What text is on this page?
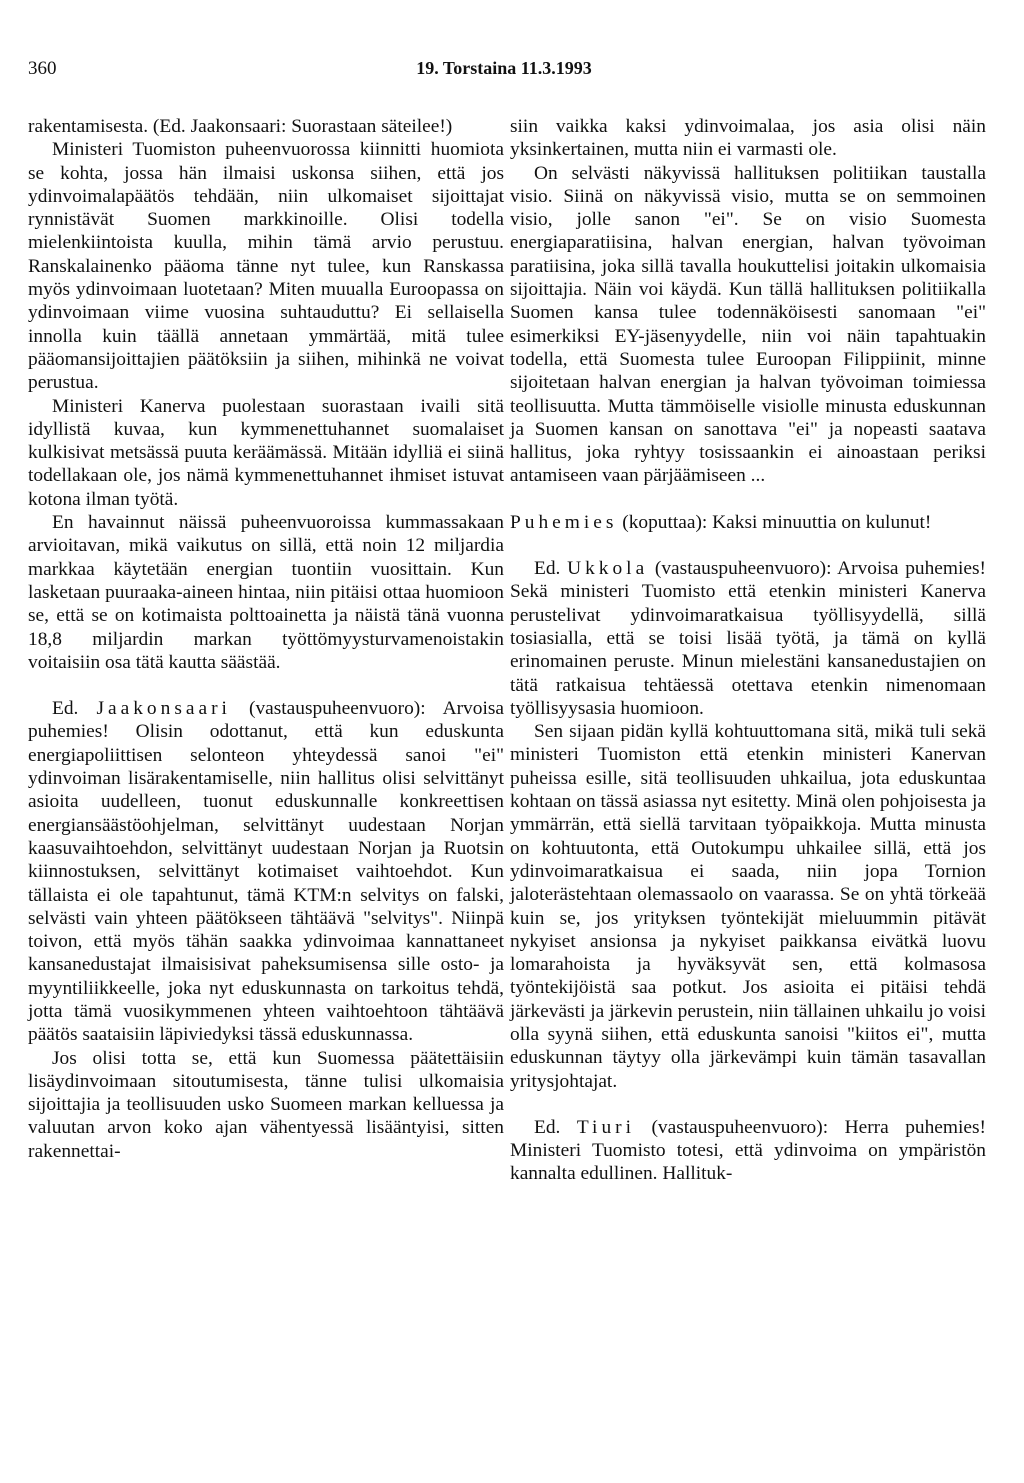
360	19. Torstaina 11.3.1993

rakentamisesta. (Ed. Jaakonsaari: Suorastaan säteilee!)

Ministeri Tuomiston puheenvuorossa kiinnitti huomiota se kohta, jossa hän ilmaisi uskonsa siihen, että jos ydinvoimalapäätös tehdään, niin ulkomaiset sijoittajat rynnistävät Suomen markkinoille. Olisi todella mielenkiintoista kuulla, mihin tämä arvio perustuu. Ranskalainenko pääoma tänne nyt tulee, kun Ranskassa myös ydinvoimaan luotetaan? Miten muualla Euroopassa on ydinvoimaan viime vuosina suhtauduttu? Ei sellaisella innolla kuin täällä annetaan ymmärtää, mitä tulee pääomansijoittajien päätöksiin ja siihen, mihinkä ne voivat perustua.

Ministeri Kanerva puolestaan suorastaan ivaili sitä idyllistä kuvaa, kun kymmenettuhannet suomalaiset kulkisivat metsässä puuta keräämässä. Mitään idylliä ei siinä todellakaan ole, jos nämä kymmenettuhannet ihmiset istuvat kotona ilman työtä.

En havainnut näissä puheenvuoroissa kummassakaan arvioitavan, mikä vaikutus on sillä, että noin 12 miljardia markkaa käytetään energian tuontiin vuosittain. Kun lasketaan puuraaka-aineen hintaa, niin pitäisi ottaa huomioon se, että se on kotimaista polttoainetta ja näistä tänä vuonna 18,8 miljardin markan työttömyysturvamenoistakin voitaisiin osa tätä kautta säästää.

Ed. Jaakonsaari (vastauspuheenvuoro): Arvoisa puhemies! Olisin odottanut, että kun eduskunta energiapoliittisen selonteon yhteydessä sanoi "ei" ydinvoiman lisärakentamiselle, niin hallitus olisi selvittänyt asioita uudelleen, tuonut eduskunnalle konkreettisen energiansäästöohjelman, selvittänyt uudestaan Norjan kaasuvaihtoehdon, selvittänyt uudestaan Norjan ja Ruotsin kiinnostuksen, selvittänyt kotimaiset vaihtoehdot. Kun tällaista ei ole tapahtunut, tämä KTM:n selvitys on falski, selvästi vain yhteen päätökseen tähtäävä "selvitys". Niinpä toivon, että myös tähän saakka ydinvoimaa kannattaneet kansanedustajat ilmaisisivat paheksumisensa sille osto- ja myyntiliikkeelle, joka nyt eduskunnasta on tarkoitus tehdä, jotta tämä vuosikymmenen yhteen vaihtoehtoon tähtäävä päätös saataisiin läpiviedyksi tässä eduskunnassa.

Jos olisi totta se, että kun Suomessa päätettäisiin lisäydinvoimaan sitoutumisesta, tänne tulisi ulkomaisia sijoittajia ja teollisuuden usko Suomeen markan kelluessa ja valuutan arvon koko ajan vähentyessä lisääntyisi, sitten rakennettai-

siin vaikka kaksi ydinvoimalaa, jos asia olisi näin yksinkertainen, mutta niin ei varmasti ole.

On selvästi näkyvissä hallituksen politiikan taustalla visio. Siinä on näkyvissä visio, mutta se on semmoinen visio, jolle sanon "ei". Se on visio Suomesta energiaparatiisina, halvan energian, halvan työvoiman paratiisina, joka sillä tavalla houkuttelisi joitakin ulkomaisia sijoittajia. Näin voi käydä. Kun tällä hallituksen politiikalla Suomen kansa tulee todennäköisesti sanomaan "ei" esimerkiksi EY-jäsenyydelle, niin voi näin tapahtuakin todella, että Suomesta tulee Euroopan Filippiinit, minne sijoitetaan halvan energian ja halvan työvoiman toimiessa teollisuutta. Mutta tämmöiselle visiolle minusta eduskunnan ja Suomen kansan on sanottava "ei" ja nopeasti saatava hallitus, joka ryhtyy tosissaankin ei ainoastaan periksi antamiseen vaan pärjäämiseen ...

Puhemies (koputtaa): Kaksi minuuttia on kulunut!

Ed. Ukkola (vastauspuheenvuoro): Arvoisa puhemies! Sekä ministeri Tuomisto että etenkin ministeri Kanerva perustelivat ydinvoimaratkaisua työllisyydellä, sillä tosiasialla, että se toisi lisää työtä, ja tämä on kyllä erinomainen peruste. Minun mielestäni kansanedustajien on tätä ratkaisua tehtäessä otettava etenkin nimenomaan työllisyysasia huomioon.

Sen sijaan pidän kyllä kohtuuttomana sitä, mikä tuli sekä ministeri Tuomiston että etenkin ministeri Kanervan puheissa esille, sitä teollisuuden uhkailua, jota eduskuntaa kohtaan on tässä asiassa nyt esitetty. Minä olen pohjoisesta ja ymmärrän, että siellä tarvitaan työpaikkoja. Mutta minusta on kohtuutonta, että Outokumpu uhkailee sillä, että jos ydinvoimaratkaisua ei saada, niin jopa Tornion jaloterästehtaan olemassaolo on vaarassa. Se on yhtä törkeää kuin se, jos yrityksen työntekijät mieluummin pitävät nykyiset ansionsa ja nykyiset paikkansa eivätkä luovu lomarahoista ja hyväksyvät sen, että kolmasosa työntekijöistä saa potkut. Jos asioita ei pitäisi tehdä järkevästi ja järkevin perustein, niin tällainen uhkailu jo voisi olla syynä siihen, että eduskunta sanoisi "kiitos ei", mutta eduskunnan täytyy olla järkevämpi kuin tämän tasavallan yritysjohtajat.

Ed. Tiuri (vastauspuheenvuoro): Herra puhemies! Ministeri Tuomisto totesi, että ydinvoima on ympäristön kannalta edullinen. Hallituk-
